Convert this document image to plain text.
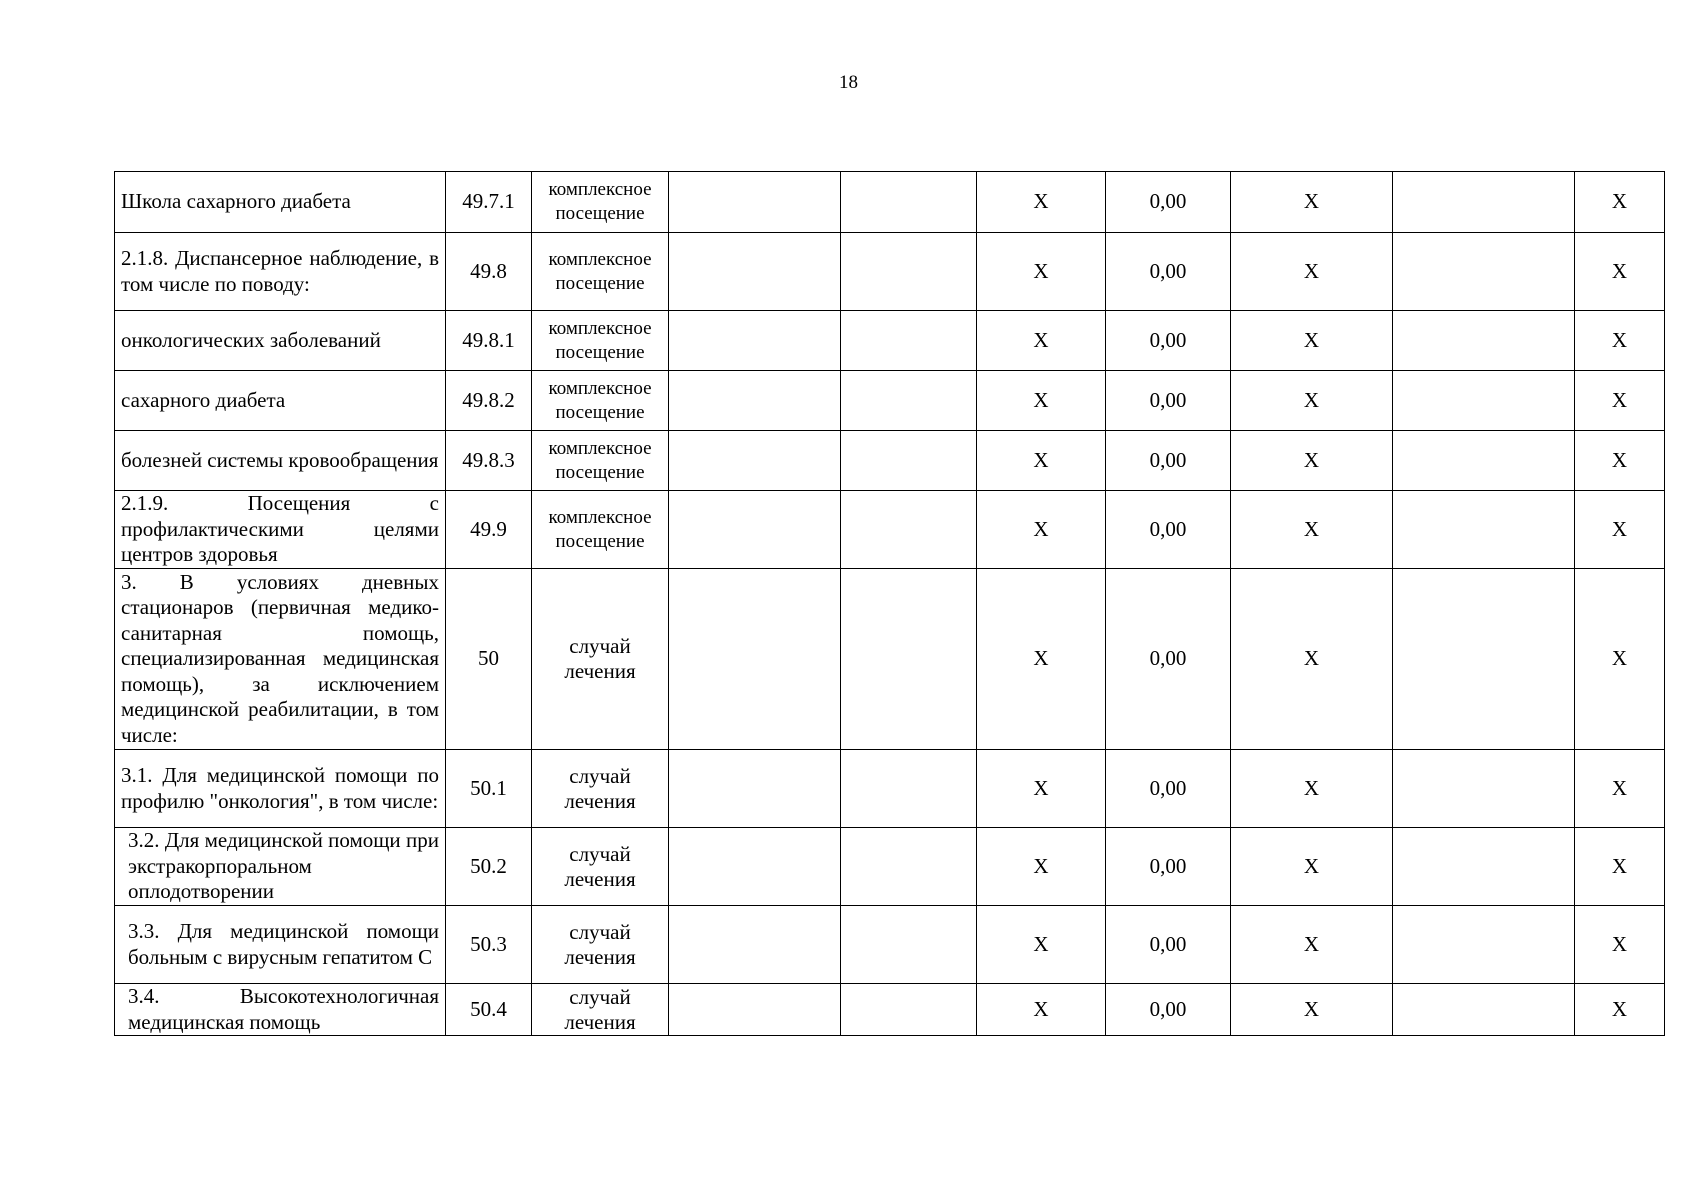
18
Школа сахарного диабета	49.7.1	комплексное посещение			Х	0,00	Х		Х
2.1.8. Диспансерное наблюдение, в том числе по поводу:	49.8	комплексное посещение			Х	0,00	Х		Х
онкологических заболеваний	49.8.1	комплексное посещение			Х	0,00	Х		Х
сахарного диабета	49.8.2	комплексное посещение			Х	0,00	Х		Х
болезней системы кровообращения	49.8.3	комплексное посещение			Х	0,00	Х		Х
2.1.9. Посещения с профилактическими целями центров здоровья	49.9	комплексное посещение			Х	0,00	Х		Х
3. В условиях дневных стационаров (первичная медико-санитарная помощь, специализированная медицинская помощь), за исключением медицинской реабилитации, в том числе:	50	случай лечения			Х	0,00	Х		Х
3.1. Для медицинской помощи по профилю "онкология", в том числе:	50.1	случай лечения			Х	0,00	Х		Х
3.2. Для медицинской помощи при экстракорпоральном оплодотворении	50.2	случай лечения			Х	0,00	Х		Х
3.3. Для медицинской помощи больным с вирусным гепатитом С	50.3	случай лечения			Х	0,00	Х		Х
3.4. Высокотехнологичная медицинская помощь	50.4	случай лечения			Х	0,00	Х		Х
